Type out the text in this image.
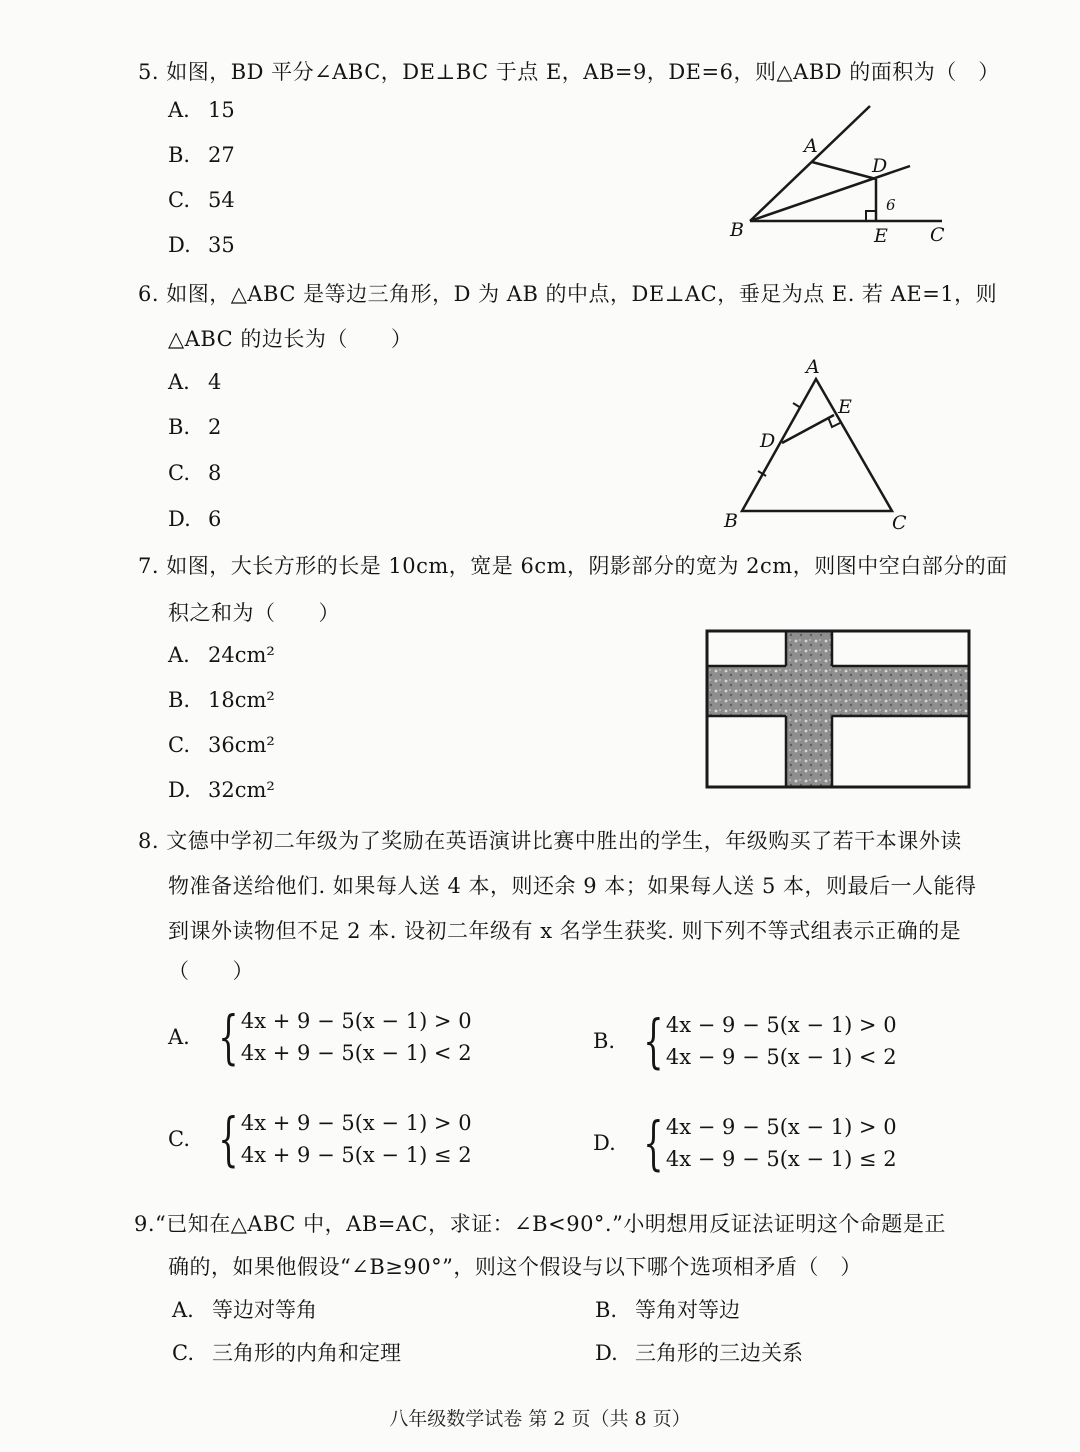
5. 如图，BD 平分∠ABC，DE⊥BC 于点 E，AB=9，DE=6，则△ABD 的面积为（　）
A. 15
B. 27
C. 54
D. 35
A
D
B	E C
6
6. 如图，△ABC 是等边三角形，D 为 AB 的中点，DE⊥AC，垂足为点 E. 若 AE=1，则
△ABC 的边长为（　　）
A. 4
B. 2
C. 8
D. 6
A
E
D
B	C
7. 如图，大长方形的长是 10cm，宽是 6cm，阴影部分的宽为 2cm，则图中空白部分的面
积之和为（　　）
A. 24cm²
B. 18cm²
C. 36cm²
D. 32cm²
8. 文德中学初二年级为了奖励在英语演讲比赛中胜出的学生，年级购买了若干本课外读
物准备送给他们. 如果每人送 4 本，则还余 9 本；如果每人送 5 本，则最后一人能得
到课外读物但不足 2 本. 设初二年级有 x 名学生获奖. 则下列不等式组表示正确的是
（　　）
A. { 4x + 9 − 5(x − 1) > 0
4x + 9 − 5(x − 1) < 2	B. { 4x − 9 − 5(x − 1) > 0
4x − 9 − 5(x − 1) < 2
C. { 4x + 9 − 5(x − 1) > 0
4x + 9 − 5(x − 1) ≤ 2	D. { 4x − 9 − 5(x − 1) > 0
4x − 9 − 5(x − 1) ≤ 2
9.“已知在△ABC 中，AB=AC，求证：∠B<90°.”小明想用反证法证明这个命题是正
确的，如果他假设“∠B≥90°”，则这个假设与以下哪个选项相矛盾（　）
A. 等边对等角	B. 等角对等边
C. 三角形的内角和定理	D. 三角形的三边关系
八年级数学试卷 第 2 页（共 8 页）
